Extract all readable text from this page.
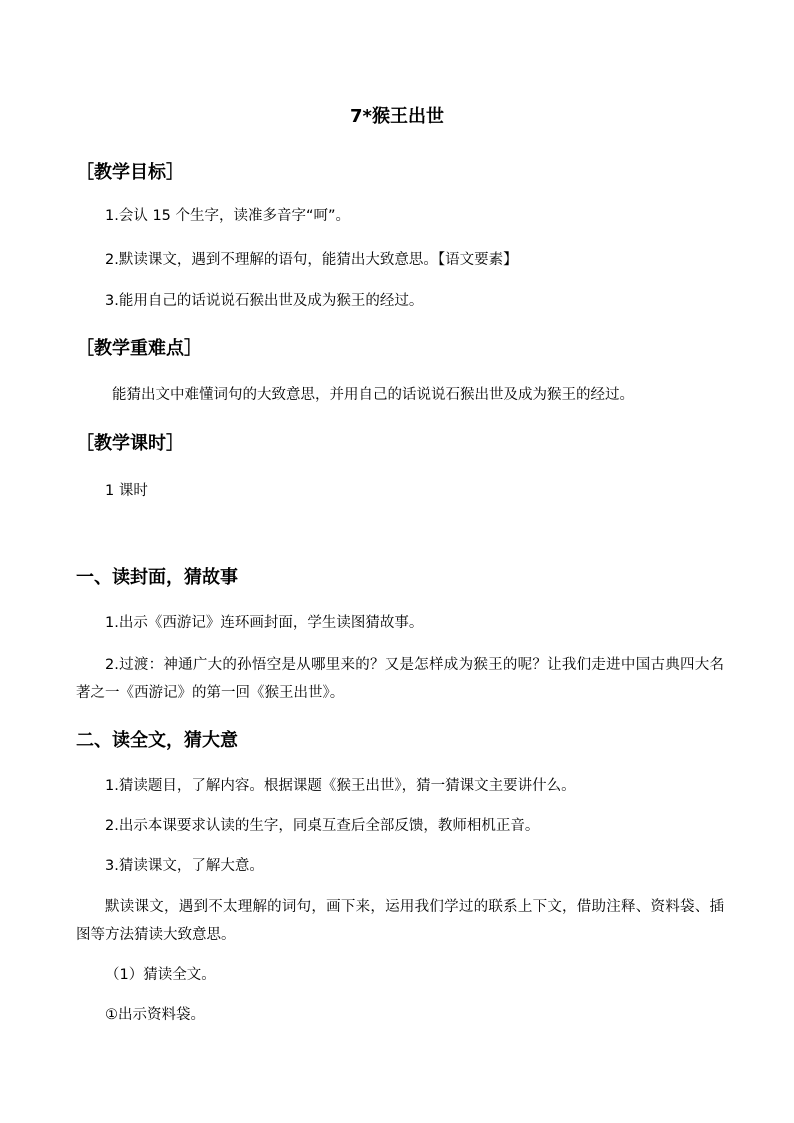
7*猴王出世
［教学目标］
1.会认 15 个生字，读准多音字“呵”。
2.默读课文，遇到不理解的语句，能猜出大致意思。【语文要素】
3.能用自己的话说说石猴出世及成为猴王的经过。
［教学重难点］
能猜出文中难懂词句的大致意思，并用自己的话说说石猴出世及成为猴王的经过。
［教学课时］
1 课时
一、读封面，猜故事
1.出示《西游记》连环画封面，学生读图猜故事。
2.过渡：神通广大的孙悟空是从哪里来的？又是怎样成为猴王的呢？让我们走进中国古典四大名著之一《西游记》的第一回《猴王出世》。
二、读全文，猜大意
1.猜读题目，了解内容。根据课题《猴王出世》，猜一猜课文主要讲什么。
2.出示本课要求认读的生字，同桌互查后全部反馈，教师相机正音。
3.猜读课文，了解大意。
默读课文，遇到不太理解的词句，画下来，运用我们学过的联系上下文，借助注释、资料袋、插图等方法猜读大致意思。
（1）猜读全文。
①出示资料袋。
